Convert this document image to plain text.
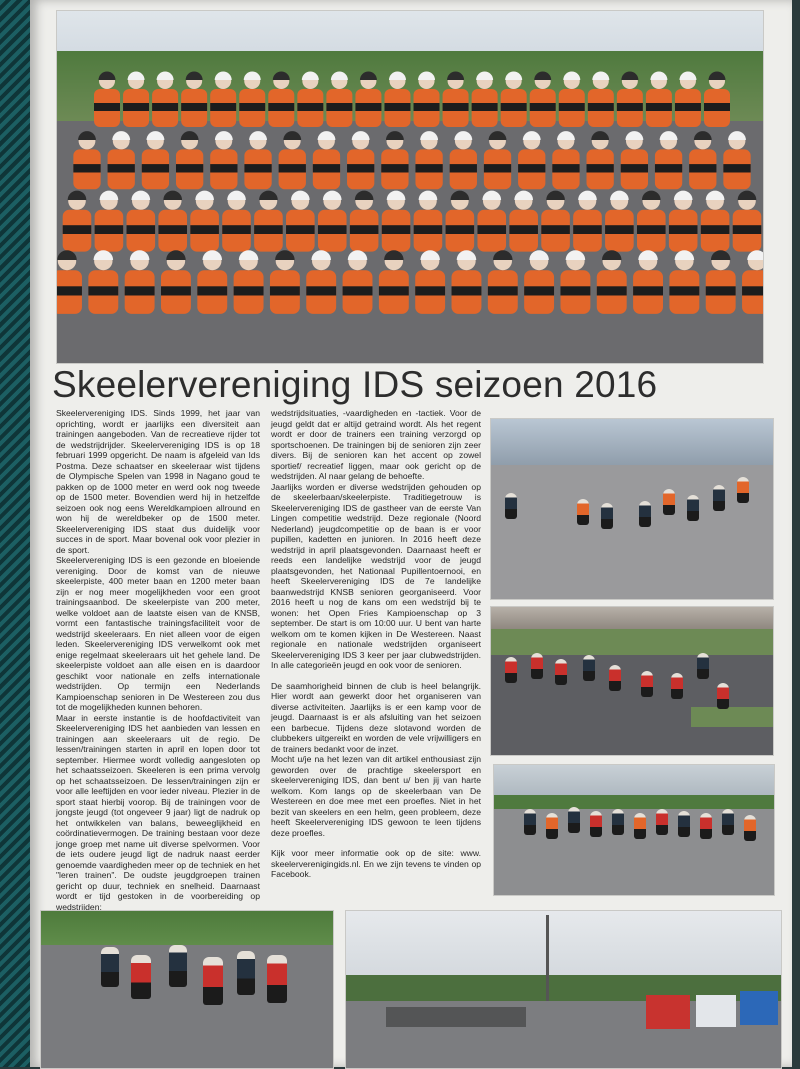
Skeelervereniging IDS seizoen 2016

Skeelervereniging IDS. Sinds 1999, het jaar van oprichting, wordt er jaarlijks een diversiteit aan trainingen aangeboden. Van de recreatieve rijder tot de wedstrijdrijder. Skeelervereniging IDS is op 18 februari 1999 opgericht. De naam is afgeleid van Ids Postma. Deze schaatser en skeeleraar wist tijdens de Olympische Spelen van 1998 in Nagano goud te pakken op de 1000 meter en werd ook nog tweede op de 1500 meter. Bovendien werd hij in hetzelfde seizoen ook nog eens Wereldkampioen allround en won hij de wereldbeker op de 1500 meter. Skeelervereniging IDS staat dus duidelijk voor succes in de sport. Maar bovenal ook voor plezier in de sport.

Skeelervereniging IDS is een gezonde en bloeiende vereniging. Door de komst van de nieuwe skeelerpiste, 400 meter baan en 1200 meter baan zijn er nog meer mogelijkheden voor een groot trainingsaanbod. De skeelerpiste van 200 meter, welke voldoet aan de laatste eisen van de KNSB, vormt een fantastische trainingsfaciliteit voor de wedstrijd skeeleraars. En niet alleen voor de eigen leden. Skeelervereniging IDS verwelkomt ook met enige regelmaat skeeleraars uit het gehele land. De skeelerpiste voldoet aan alle eisen en is daardoor geschikt voor nationale en zelfs internationale wedstrijden. Op termijn een Nederlands Kampioenschap senioren in De Westereen zou dus tot de mogelijkheden kunnen behoren.

Maar in eerste instantie is de hoofdactiviteit van Skeelervereniging IDS het aanbieden van lessen en trainingen aan skeeleraars uit de regio. De lessen/trainingen starten in april en lopen door tot september. Hiermee wordt volledig aangesloten op het schaatsseizoen. Skeeleren is een prima vervolg op het schaatsseizoen. De lessen/trainingen zijn er voor alle leeftijden en voor ieder niveau. Plezier in de sport staat hierbij voorop. Bij de trainingen voor de jongste jeugd (tot ongeveer 9 jaar) ligt de nadruk op het ontwikkelen van balans, beweeglijkheid en coördinatievermogen. De training bestaan voor deze jonge groep met name uit diverse spelvormen. Voor de iets oudere jeugd ligt de nadruk naast eerder genoemde vaardigheden meer op de techniek en het "leren trainen". De oudste jeugdgroepen trainen gericht op duur, techniek en snelheid. Daarnaast wordt er tijd gestoken in de voorbereiding op wedstrijden:

wedstrijdsituaties, -vaardigheden en -tactiek. Voor de jeugd geldt dat er altijd getraind wordt. Als het regent wordt er door de trainers een training verzorgd op sportschoenen. De trainingen bij de senioren zijn zeer divers. Bij de senioren kan het accent op zowel sportief/ recreatief liggen, maar ook gericht op de wedstrijden. Al naar gelang de behoefte.

Jaarlijks worden er diverse wedstrijden gehouden op de skeelerbaan/skeelerpiste. Traditiegetrouw is Skeelervereniging IDS de gastheer van de eerste Van Lingen competitie wedstrijd. Deze regionale (Noord Nederland) jeugdcompetitie op de baan is er voor pupillen, kadetten en junioren. In 2016 heeft deze wedstrijd in april plaatsgevonden. Daarnaast heeft er reeds een landelijke wedstrijd voor de jeugd plaatsgevonden, het Nationaal Pupillentoernooi, en heeft Skeelervereniging IDS de 7e landelijke baanwedstrijd KNSB senioren georganiseerd. Voor 2016 heeft u nog de kans om een wedstrijd bij te wonen: het Open Fries Kampioenschap op 3 september. De start is om 10:00 uur. U bent van harte welkom om te komen kijken in De Westereen. Naast regionale en nationale wedstrijden organiseert Skeelervereniging IDS 3 keer per jaar clubwedstrijden. In alle categorieën jeugd en ook voor de senioren.

De saamhorigheid binnen de club is heel belangrijk. Hier wordt aan gewerkt door het organiseren van diverse activiteiten. Jaarlijks is er een kamp voor de jeugd. Daarnaast is er als afsluiting van het seizoen een barbecue. Tijdens deze slotavond worden de clubbekers uitgereikt en worden de vele vrijwilligers en de trainers bedankt voor de inzet.

Mocht u/je na het lezen van dit artikel enthousiast zijn geworden over de prachtige skeelersport en skeelervereniging IDS, dan bent u/ ben jij van harte welkom. Kom langs op de skeelerbaan van De Westereen en doe mee met een proefles. Niet in het bezit van skeelers en een helm, geen probleem, deze heeft Skeelervereniging IDS gewoon te leen tijdens deze proefles.

Kijk voor meer informatie ook op de site: www. skeelerverenigingids.nl. En we zijn tevens te vinden op Facebook.
